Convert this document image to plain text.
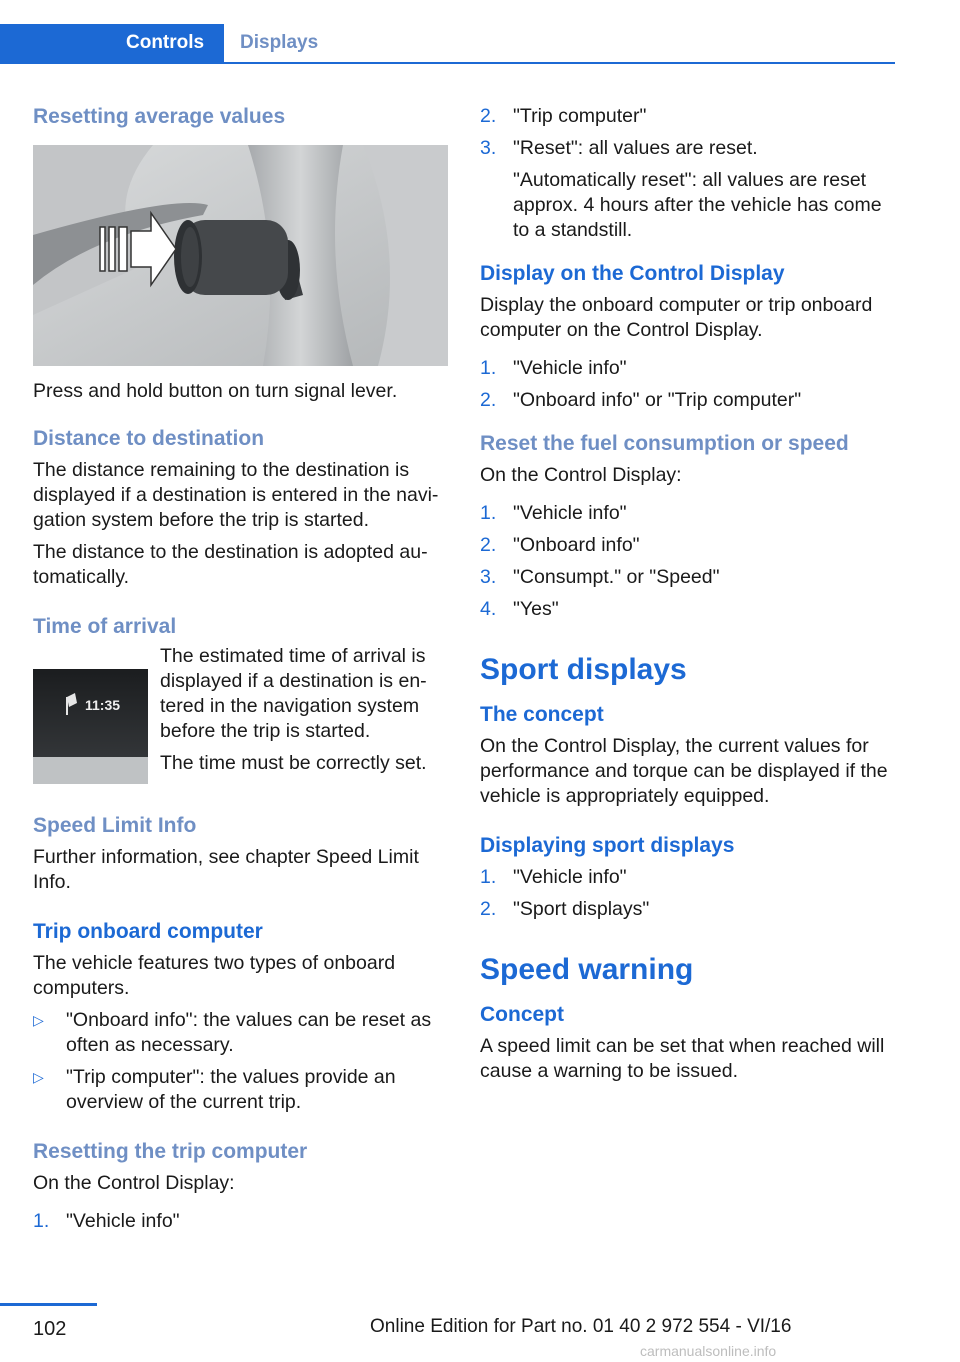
Controls	Displays
Resetting average values

Press and hold button on turn signal lever.

Distance to destination

The distance remaining to the destination is displayed if a destination is entered in the navi-gation system before the trip is started.

The distance to the destination is adopted au-tomatically.

Time of arrival
11:35

The estimated time of arrival is displayed if a destination is en-tered in the navigation system before the trip is started.

The time must be correctly set.

Speed Limit Info

Further information, see chapter Speed Limit Info.

Trip onboard computer

The vehicle features two types of onboard computers.

▷ "Onboard info": the values can be reset as often as necessary.
▷ "Trip computer": the values provide an overview of the current trip.
Resetting the trip computer

On the Control Display:

1. "Vehicle info"
2. "Trip computer"
3. "Reset": all values are reset.

"Automatically reset": all values are reset approx. 4 hours after the vehicle has come to a standstill.

Display on the Control Display

Display the onboard computer or trip onboard computer on the Control Display.

1. "Vehicle info"
2. "Onboard info" or "Trip computer"
Reset the fuel consumption or speed

On the Control Display:

1. "Vehicle info"
2. "Onboard info"
3. "Consumpt." or "Speed"
4. "Yes"
Sport displays
The concept

On the Control Display, the current values for performance and torque can be displayed if the vehicle is appropriately equipped.

Displaying sport displays
1. "Vehicle info"
2. "Sport displays"
Speed warning
Concept

A speed limit can be set that when reached will cause a warning to be issued.

102	Online Edition for Part no. 01 40 2 972 554 - VI/16
carmanualsonline.info
